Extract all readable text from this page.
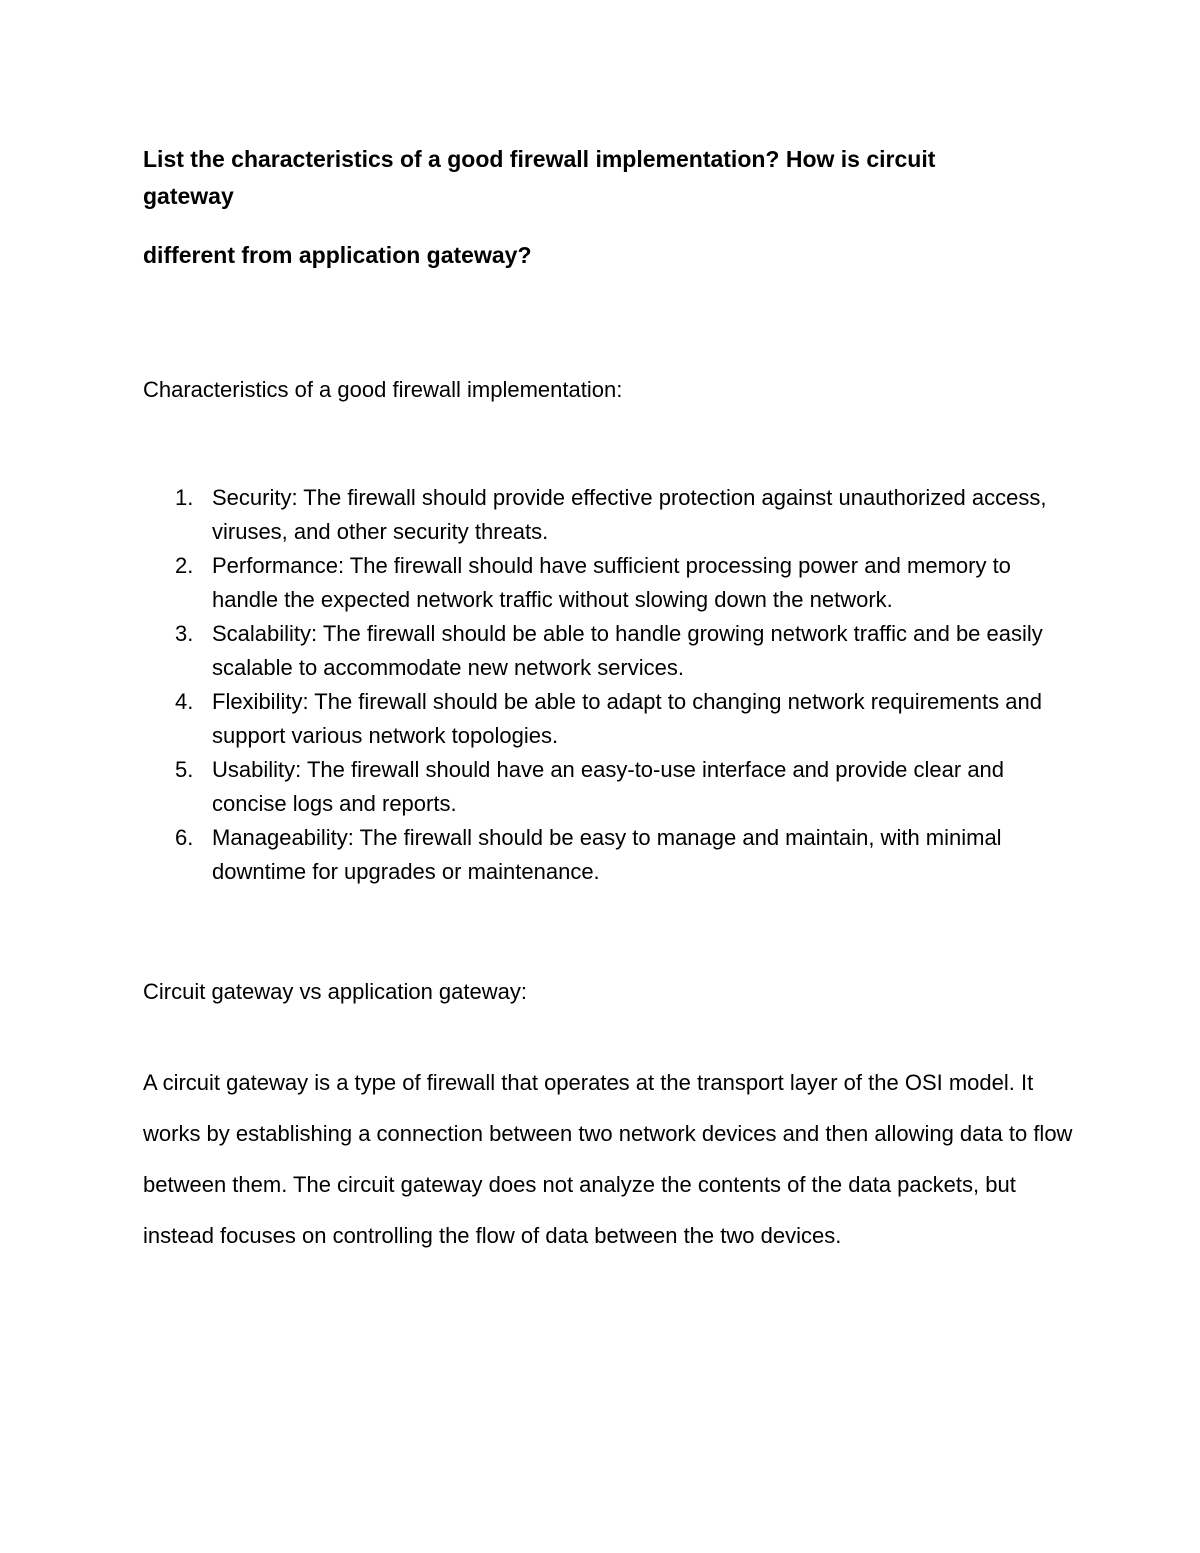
List the characteristics of a good firewall implementation? How is circuit

gateway

different from application gateway?

Characteristics of a good firewall implementation:

1. Security: The firewall should provide effective protection against unauthorized access, viruses, and other security threats.
2. Performance: The firewall should have sufficient processing power and memory to handle the expected network traffic without slowing down the network.
3. Scalability: The firewall should be able to handle growing network traffic and be easily scalable to accommodate new network services.
4. Flexibility: The firewall should be able to adapt to changing network requirements and support various network topologies.
5. Usability: The firewall should have an easy-to-use interface and provide clear and concise logs and reports.
6. Manageability: The firewall should be easy to manage and maintain, with minimal downtime for upgrades or maintenance.

Circuit gateway vs application gateway:

A circuit gateway is a type of firewall that operates at the transport layer of the OSI model. It works by establishing a connection between two network devices and then allowing data to flow between them. The circuit gateway does not analyze the contents of the data packets, but instead focuses on controlling the flow of data between the two devices.
